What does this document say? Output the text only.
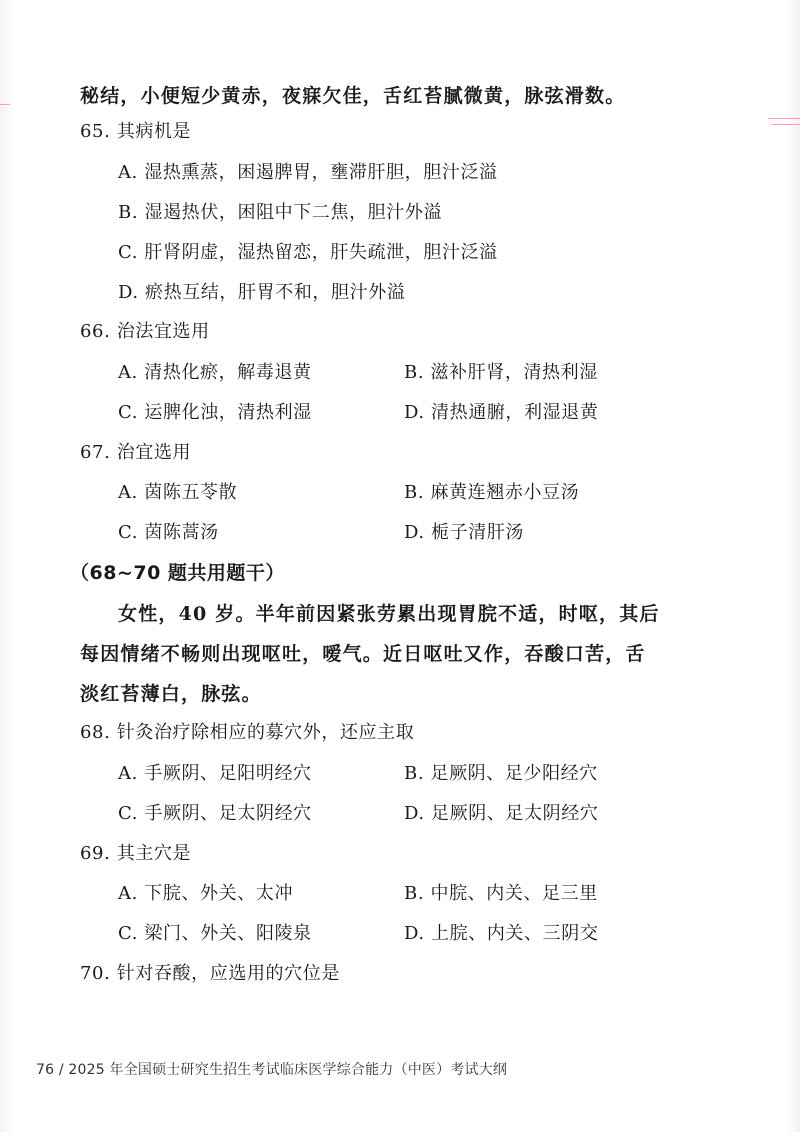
秘结，小便短少黄赤，夜寐欠佳，舌红苔腻微黄，脉弦滑数。
65. 其病机是
A. 湿热熏蒸，困遏脾胃，壅滞肝胆，胆汁泛溢
B. 湿遏热伏，困阻中下二焦，胆汁外溢
C. 肝肾阴虚，湿热留恋，肝失疏泄，胆汁泛溢
D. 瘀热互结，肝胃不和，胆汁外溢
66. 治法宜选用
A. 清热化瘀，解毒退黄	B. 滋补肝肾，清热利湿
C. 运脾化浊，清热利湿	D. 清热通腑，利湿退黄
67. 治宜选用
A. 茵陈五苓散	B. 麻黄连翘赤小豆汤
C. 茵陈蒿汤	D. 栀子清肝汤
（68~70 题共用题干）
女性，40 岁。半年前因紧张劳累出现胃脘不适，时呕，其后
每因情绪不畅则出现呕吐，嗳气。近日呕吐又作，吞酸口苦，舌
淡红苔薄白，脉弦。
68. 针灸治疗除相应的募穴外，还应主取
A. 手厥阴、足阳明经穴	B. 足厥阴、足少阳经穴
C. 手厥阴、足太阴经穴	D. 足厥阴、足太阴经穴
69. 其主穴是
A. 下脘、外关、太冲	B. 中脘、内关、足三里
C. 梁门、外关、阳陵泉	D. 上脘、内关、三阴交
70. 针对吞酸，应选用的穴位是
76 / 2025 年全国硕士研究生招生考试临床医学综合能力（中医）考试大纲
